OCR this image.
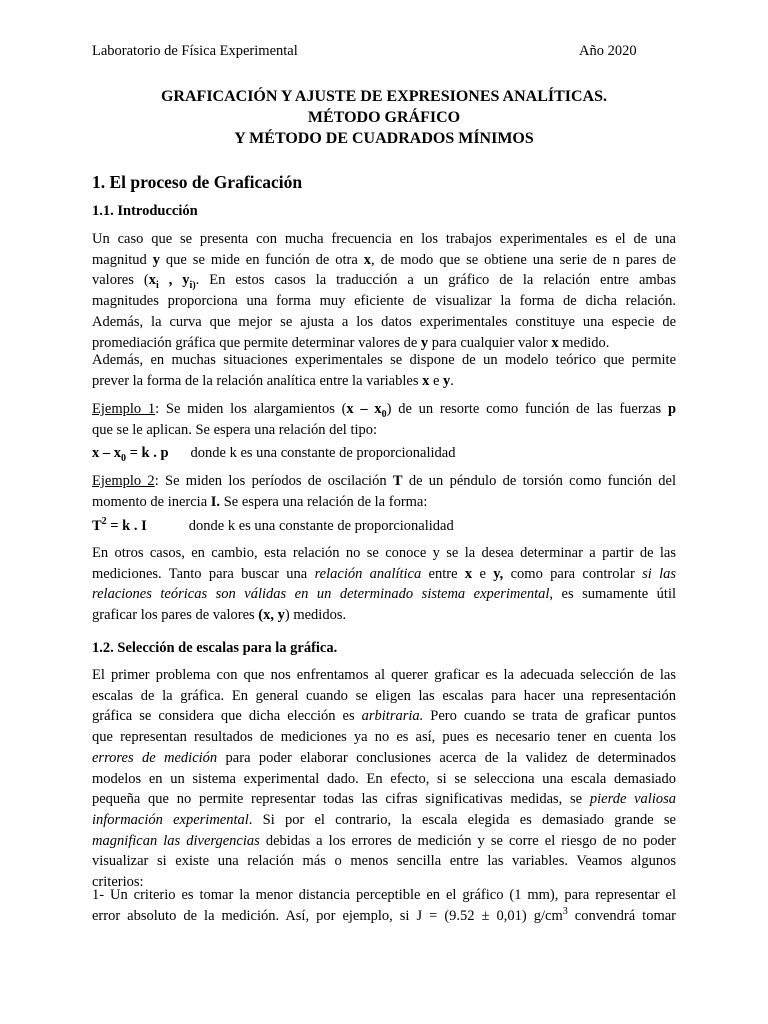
Laboratorio de Física Experimental	Año 2020
GRAFICACIÓN Y AJUSTE DE EXPRESIONES ANALÍTICAS.
MÉTODO GRÁFICO
Y MÉTODO DE CUADRADOS MÍNIMOS
1. El proceso de Graficación
1.1. Introducción
Un caso que se presenta con mucha frecuencia en los trabajos experimentales es el de una
magnitud y que se mide en función de otra x, de modo que se obtiene una serie de n pares de
valores ($x_i$ , $y_{i)}$. En estos casos la traducción a un gráfico de la relación entre ambas
magnitudes proporciona una forma muy eficiente de visualizar la forma de dicha relación.
Además, la curva que mejor se ajusta a los datos experimentales constituye una especie de
promediación gráfica que permite determinar valores de y para cualquier valor x medido.
Además, en muchas situaciones experimentales se dispone de un modelo teórico que permite
prever la forma de la relación analítica entre la variables x e y.
Ejemplo 1: Se miden los alargamientos $(x - x_0)$ de un resorte como función de las fuerzas p
que se le aplican. Se espera una relación del tipo:
$x - x_0 = k$ . p donde k es una constante de proporcionalidad
Ejemplo 2: Se miden los períodos de oscilación T de un péndulo de torsión como función del
momento de inercia I. Se espera una relación de la forma:
$T^2 = k$ . I	donde k es una constante de proporcionalidad
En otros casos, en cambio, esta relación no se conoce y se la desea determinar a partir de las
mediciones. Tanto para buscar una relación analítica entre x e y, como para controlar si las
relaciones teóricas son válidas en un determinado sistema experimental, es sumamente útil
graficar los pares de valores (x, y) medidos.
1.2. Selección de escalas para la gráfica.
El primer problema con que nos enfrentamos al querer graficar es la adecuada selección de las
escalas de la gráfica. En general cuando se eligen las escalas para hacer una representación
gráfica se considera que dicha elección es arbitraria. Pero cuando se trata de graficar puntos
que representan resultados de mediciones ya no es así, pues es necesario tener en cuenta los
errores de medición para poder elaborar conclusiones acerca de la validez de determinados
modelos en un sistema experimental dado. En efecto, si se selecciona una escala demasiado
pequeña que no permite representar todas las cifras significativas medidas, se pierde valiosa
información experimental. Si por el contrario, la escala elegida es demasiado grande se
magnifican las divergencias debidas a los errores de medición y se corre el riesgo de no poder
visualizar si existe una relación más o menos sencilla entre las variables. Veamos algunos
criterios:
1- Un criterio es tomar la menor distancia perceptible en el gráfico (1 mm), para representar el
error absoluto de la medición. Así, por ejemplo, si J = (9.52 ± 0,01) $g/cm^3$ convendrá tomar
